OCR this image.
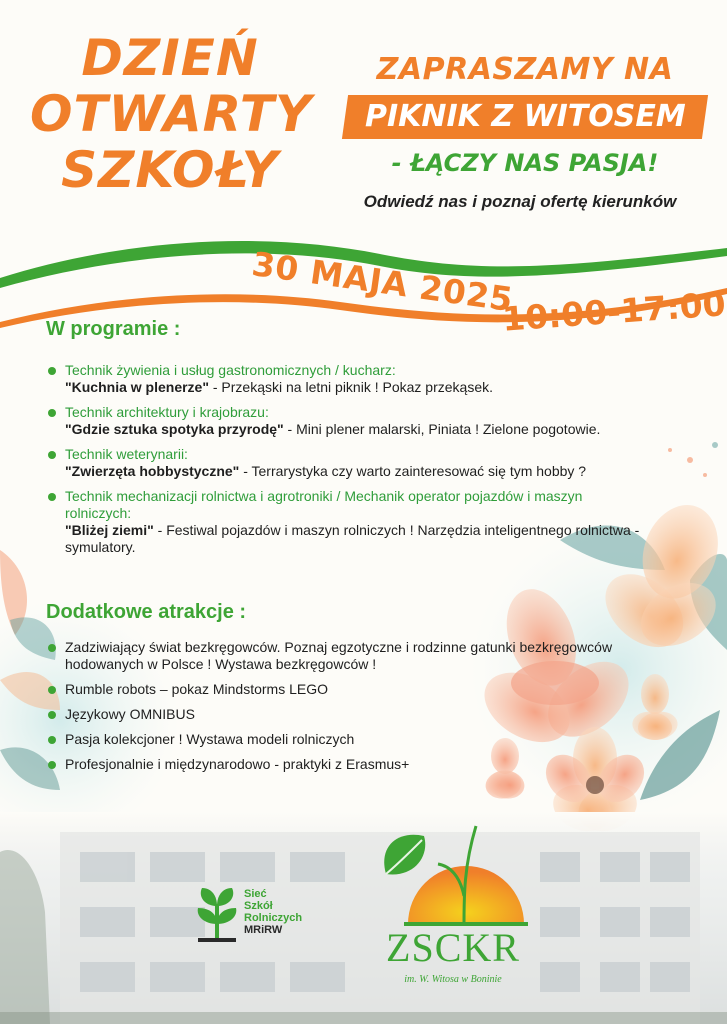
DZIEŃ
OTWARTY
SZKOŁY
ZAPRASZAMY NA
PIKNIK Z WITOSEM
- ŁĄCZY NAS PASJA!
Odwiedź nas i poznaj ofertę kierunków
30 MAJA 2025
10:00-17:00
W programie :
Technik żywienia i usług gastronomicznych / kucharz:
"Kuchnia w plenerze" - Przekąski na letni piknik ! Pokaz przekąsek.
Technik architektury i krajobrazu:
"Gdzie sztuka spotyka przyrodę" - Mini plener malarski, Piniata ! Zielone pogotowie.
Technik weterynarii:
"Zwierzęta hobbystyczne" - Terrarystyka czy warto zainteresować się tym hobby ?
Technik mechanizacji rolnictwa i agrotroniki / Mechanik operator pojazdów i maszyn rolniczych:
"Bliżej ziemi" - Festiwal pojazdów i maszyn rolniczych ! Narzędzia inteligentnego rolnictwa - symulatory.
Dodatkowe atrakcje :
Zadziwiający świat bezkręgowców. Poznaj egzotyczne i rodzinne gatunki bezkręgowców hodowanych w Polsce ! Wystawa bezkręgowców !
Rumble robots – pokaz Mindstorms LEGO
Językowy OMNIBUS
Pasja kolekcjoner ! Wystawa modeli rolniczych
Profesjonalnie i międzynarodowo - praktyki z Erasmus+
Sieć
Szkół
Rolniczych
MRiRW	ZSCKR
im. W. Witosa w Boninie
